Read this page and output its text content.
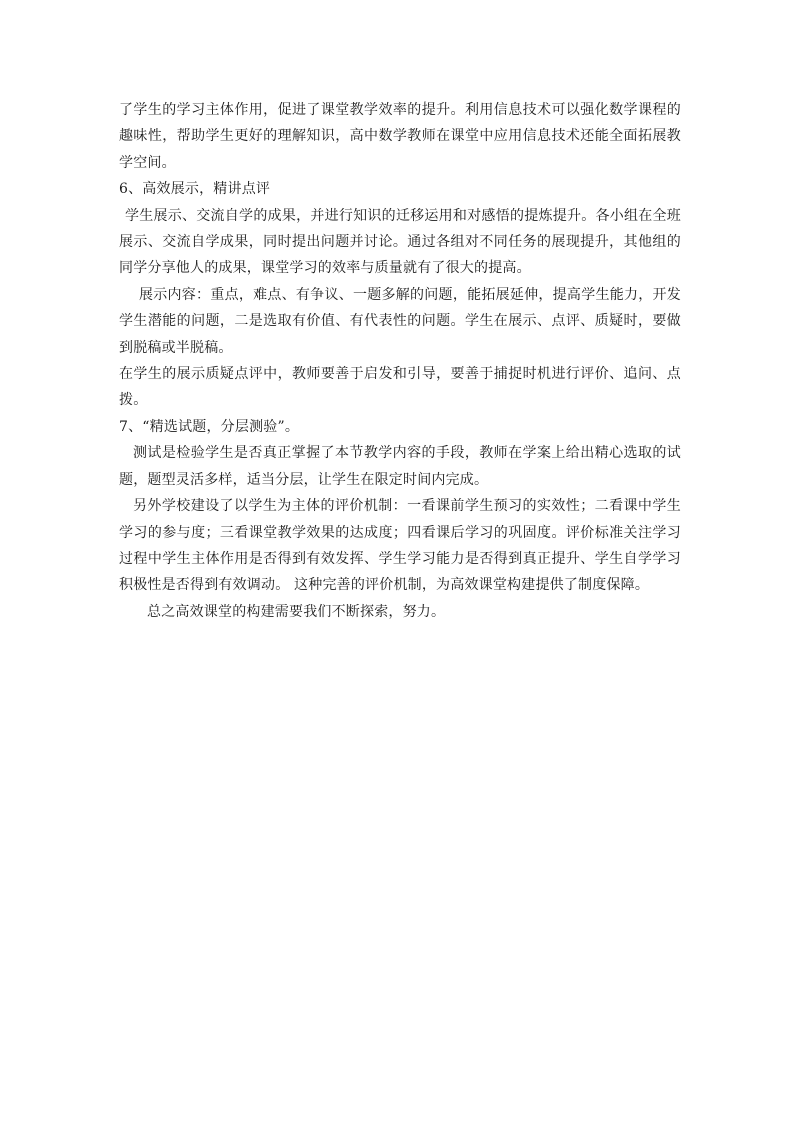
了学生的学习主体作用，促进了课堂教学效率的提升。利用信息技术可以强化数学课程的趣味性，帮助学生更好的理解知识，高中数学教师在课堂中应用信息技术还能全面拓展教学空间。

6、高效展示，精讲点评

学生展示、交流自学的成果，并进行知识的迁移运用和对感悟的提炼提升。各小组在全班展示、交流自学成果，同时提出问题并讨论。通过各组对不同任务的展现提升，其他组的同学分享他人的成果，课堂学习的效率与质量就有了很大的提高。

展示内容：重点，难点、有争议、一题多解的问题，能拓展延伸，提高学生能力，开发学生潜能的问题，二是选取有价值、有代表性的问题。学生在展示、点评、质疑时，要做到脱稿或半脱稿。

在学生的展示质疑点评中，教师要善于启发和引导，要善于捕捉时机进行评价、追问、点拨。

7、“精选试题，分层测验”。

测试是检验学生是否真正掌握了本节教学内容的手段，教师在学案上给出精心选取的试题，题型灵活多样，适当分层，让学生在限定时间内完成。

另外学校建设了以学生为主体的评价机制：一看课前学生预习的实效性；二看课中学生学习的参与度；三看课堂教学效果的达成度；四看课后学习的巩固度。评价标准关注学习过程中学生主体作用是否得到有效发挥、学生学习能力是否得到真正提升、学生自学学习积极性是否得到有效调动。 这种完善的评价机制，为高效课堂构建提供了制度保障。

总之高效课堂的构建需要我们不断探索，努力。
